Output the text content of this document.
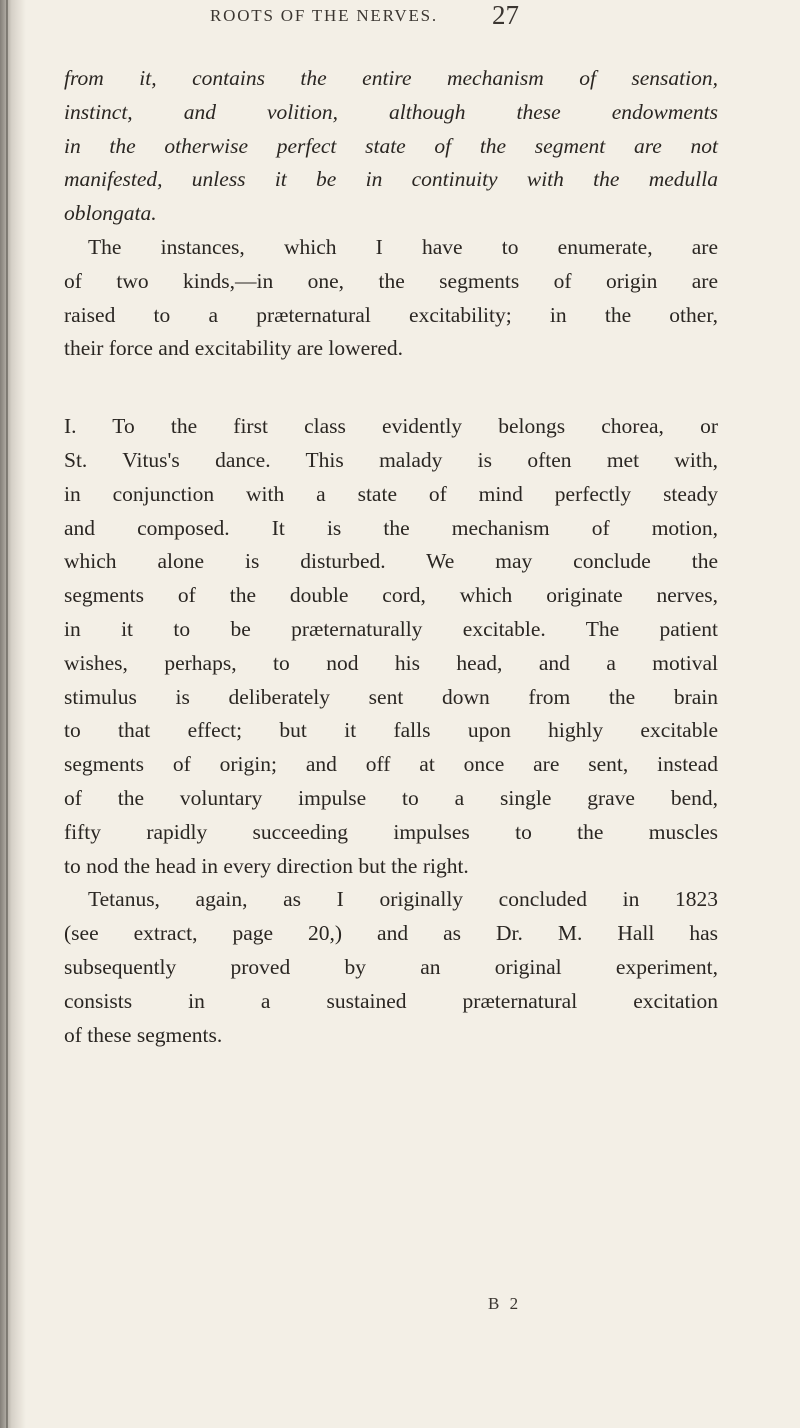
ROOTS OF THE NERVES. 27
from it, contains the entire mechanism of sensation,
instinct, and volition, although these endowments
in the otherwise perfect state of the segment are not
manifested, unless it be in continuity with the medulla
oblongata.
The instances, which I have to enumerate, are
of two kinds,—in one, the segments of origin are
raised to a præternatural excitability; in the other,
their force and excitability are lowered.
I. To the first class evidently belongs chorea, or
St. Vitus's dance. This malady is often met with,
in conjunction with a state of mind perfectly steady
and composed. It is the mechanism of motion,
which alone is disturbed. We may conclude the
segments of the double cord, which originate nerves,
in it to be præternaturally excitable. The patient
wishes, perhaps, to nod his head, and a motival
stimulus is deliberately sent down from the brain
to that effect; but it falls upon highly excitable
segments of origin; and off at once are sent, instead
of the voluntary impulse to a single grave bend,
fifty rapidly succeeding impulses to the muscles
to nod the head in every direction but the right.
Tetanus, again, as I originally concluded in 1823
(see extract, page 20,) and as Dr. M. Hall has
subsequently proved by an original experiment,
consists in a sustained præternatural excitation
of these segments.
B 2
